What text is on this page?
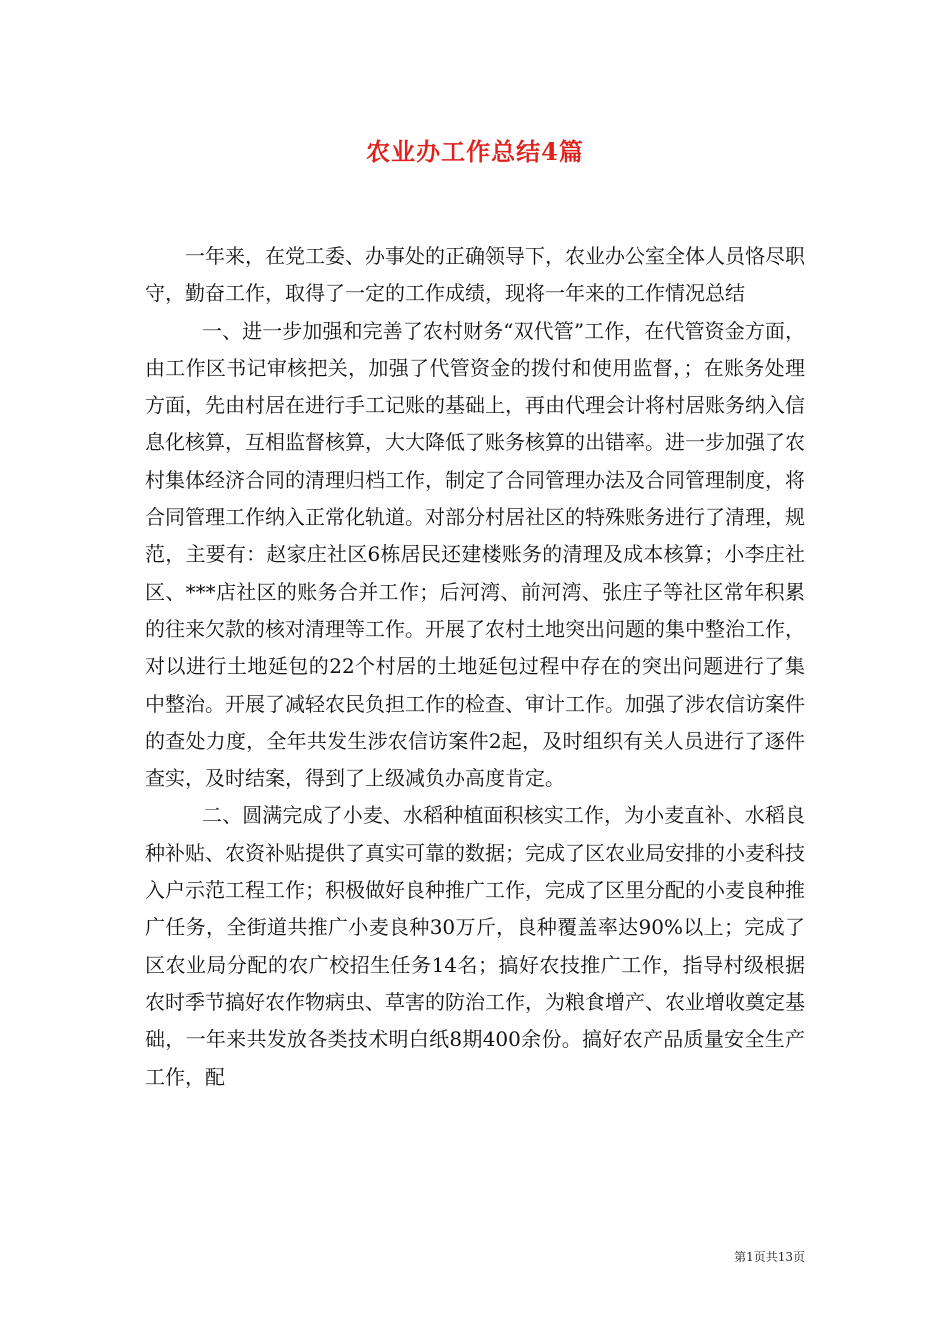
农业办工作总结4篇

一年来，在党工委、办事处的正确领导下，农业办公室全体人员恪尽职守，勤奋工作，取得了一定的工作成绩，现将一年来的工作情况总结

一、进一步加强和完善了农村财务“双代管”工作，在代管资金方面，由工作区书记审核把关，加强了代管资金的拨付和使用监督，；在账务处理方面，先由村居在进行手工记账的基础上，再由代理会计将村居账务纳入信息化核算，互相监督核算，大大降低了账务核算的出错率。进一步加强了农村集体经济合同的清理归档工作，制定了合同管理办法及合同管理制度，将合同管理工作纳入正常化轨道。对部分村居社区的特殊账务进行了清理，规范，主要有：赵家庄社区6栋居民还建楼账务的清理及成本核算；小李庄社区、***店社区的账务合并工作；后河湾、前河湾、张庄子等社区常年积累的往来欠款的核对清理等工作。开展了农村土地突出问题的集中整治工作，对以进行土地延包的22个村居的土地延包过程中存在的突出问题进行了集中整治。开展了减轻农民负担工作的检查、审计工作。加强了涉农信访案件的查处力度，全年共发生涉农信访案件2起，及时组织有关人员进行了逐件查实，及时结案，得到了上级减负办高度肯定。

二、圆满完成了小麦、水稻种植面积核实工作，为小麦直补、水稻良种补贴、农资补贴提供了真实可靠的数据；完成了区农业局安排的小麦科技入户示范工程工作；积极做好良种推广工作，完成了区里分配的小麦良种推广任务，全街道共推广小麦良种30万斤，良种覆盖率达90%以上；完成了区农业局分配的农广校招生任务14名；搞好农技推广工作，指导村级根据农时季节搞好农作物病虫、草害的防治工作，为粮食增产、农业增收奠定基础，一年来共发放各类技术明白纸8期400余份。搞好农产品质量安全生产工作，配

第1页共13页
